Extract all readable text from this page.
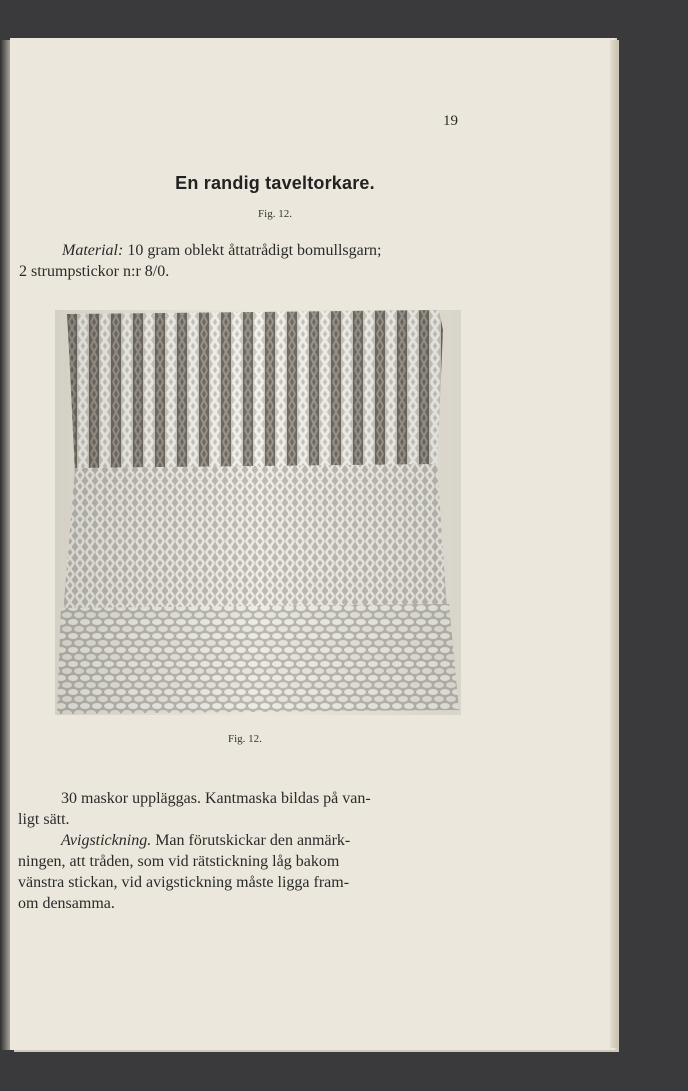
19
En randig taveltorkare.
Fig. 12.
Material: 10 gram oblekt åttatrådigt bomullsgarn;
2 strumpstickor n:r 8/0.
Fig. 12.

30 maskor uppläggas. Kantmaska bildas på van-

ligt sätt.

Avigstickning. Man förutskickar den anmärk-

ningen, att tråden, som vid rätstickning låg bakom

vänstra stickan, vid avigstickning måste ligga fram-

om densamma.
